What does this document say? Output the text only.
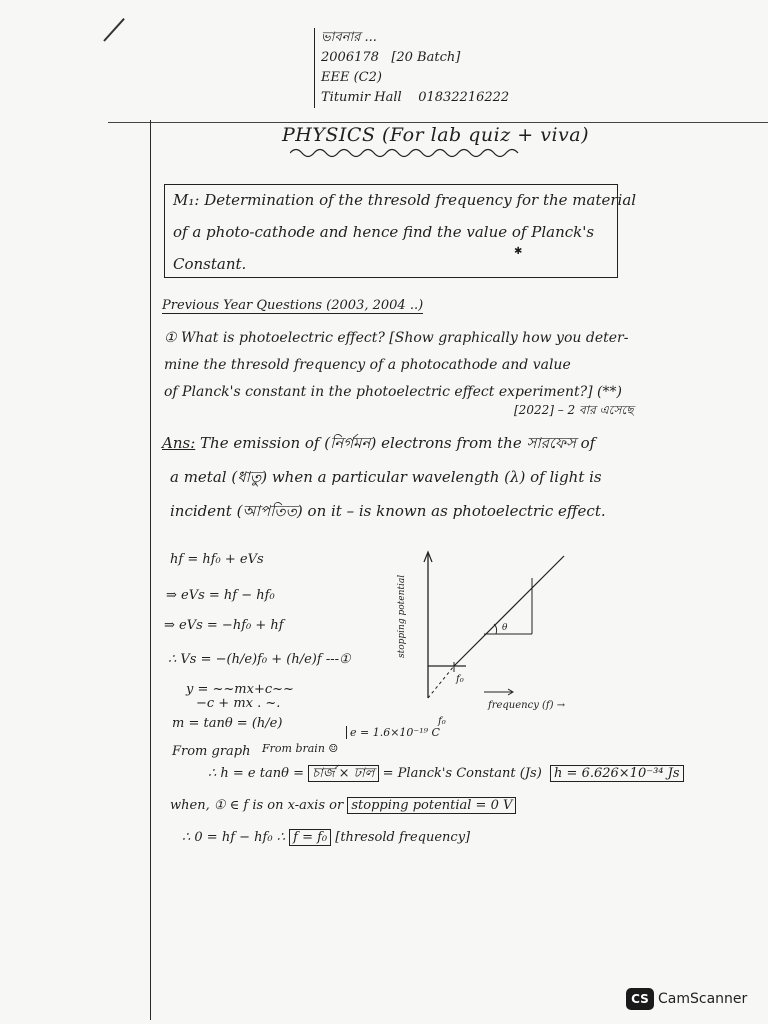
ভাবনার ...
2006178 [20 Batch]
EEE (C2)
Titumir Hall 01832216222
PHYSICS (For lab quiz + viva)
M₁: Determination of the thresold frequency for the material
of a photo-cathode and hence find the value of Planck's
Constant.
✱
Previous Year Questions (2003, 2004 ..)
① What is photoelectric effect? [Show graphically how you deter-
mine the thresold frequency of a photocathode and value
of Planck's constant in the photoelectric effect experiment?] (**)
[2022] – 2 বার এসেছে
Ans: The emission of (নির্গমন) electrons from the সারফেস of
a metal (ধাতু) when a particular wavelength (λ) of light is
incident (আপতিত) on it – is known as photoelectric effect.
hf = hf₀ + eVs
⇒ eVs = hf − hf₀
⇒ eVs = −hf₀ + hf
∴ Vs = −(h/e)f₀ + (h/e)f ---①
y = ~~mx+c~~
−c + mx . ~.
m = tanθ = (h/e)
From graph From brain ☺
e = 1.6×10⁻¹⁹ C
∴ h = e tanθ = চার্জ × ঢাল = Planck's Constant (Js) h = 6.626×10⁻³⁴ Js
when, ① ∈ f is on x-axis or stopping potential = 0 V
∴ 0 = hf − hf₀ ∴ f = f₀ [thresold frequency]
θ
f₀
f₀
stopping potential
frequency (f) →
CS CamScanner
